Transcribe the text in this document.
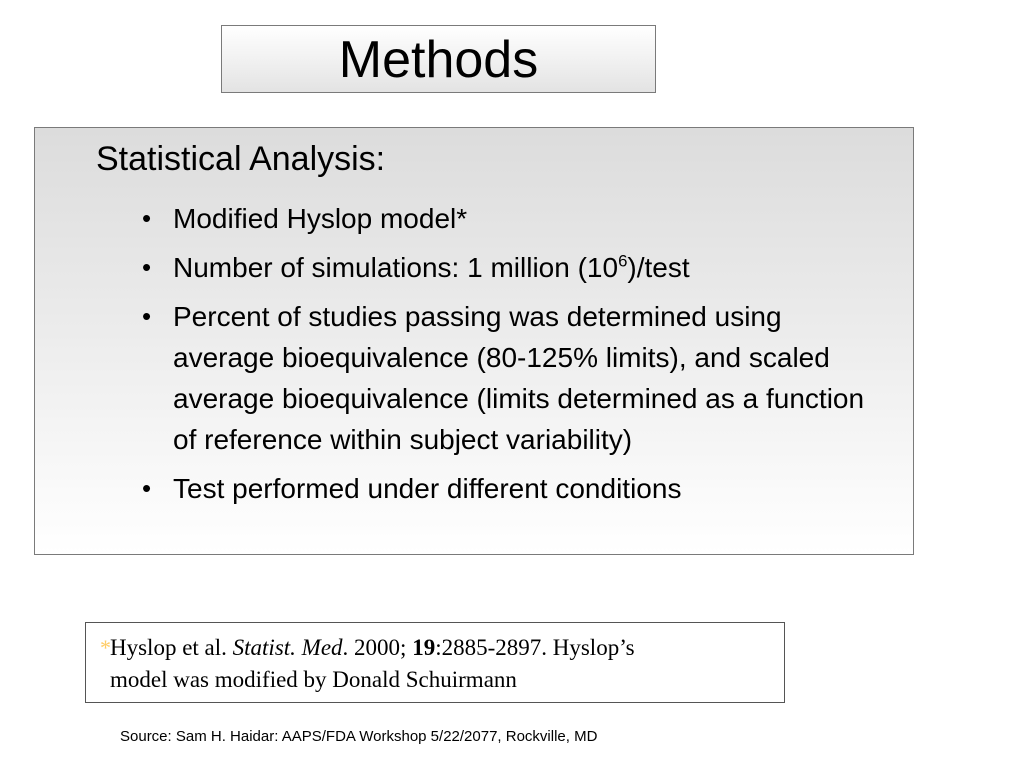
Methods
Statistical Analysis:
• Modified Hyslop model*
• Number of simulations: 1 million $(10^6)$/test
• Percent of studies passing was determined using average bioequivalence (80-125% limits), and scaled average bioequivalence (limits determined as a function of reference within subject variability)
• Test performed under different conditions
* Hyslop et al. Statist. Med. 2000; 19:2885-2897. Hyslop’s
model was modified by Donald Schuirmann
Source: Sam H. Haidar: AAPS/FDA Workshop 5/22/2077, Rockville, MD
